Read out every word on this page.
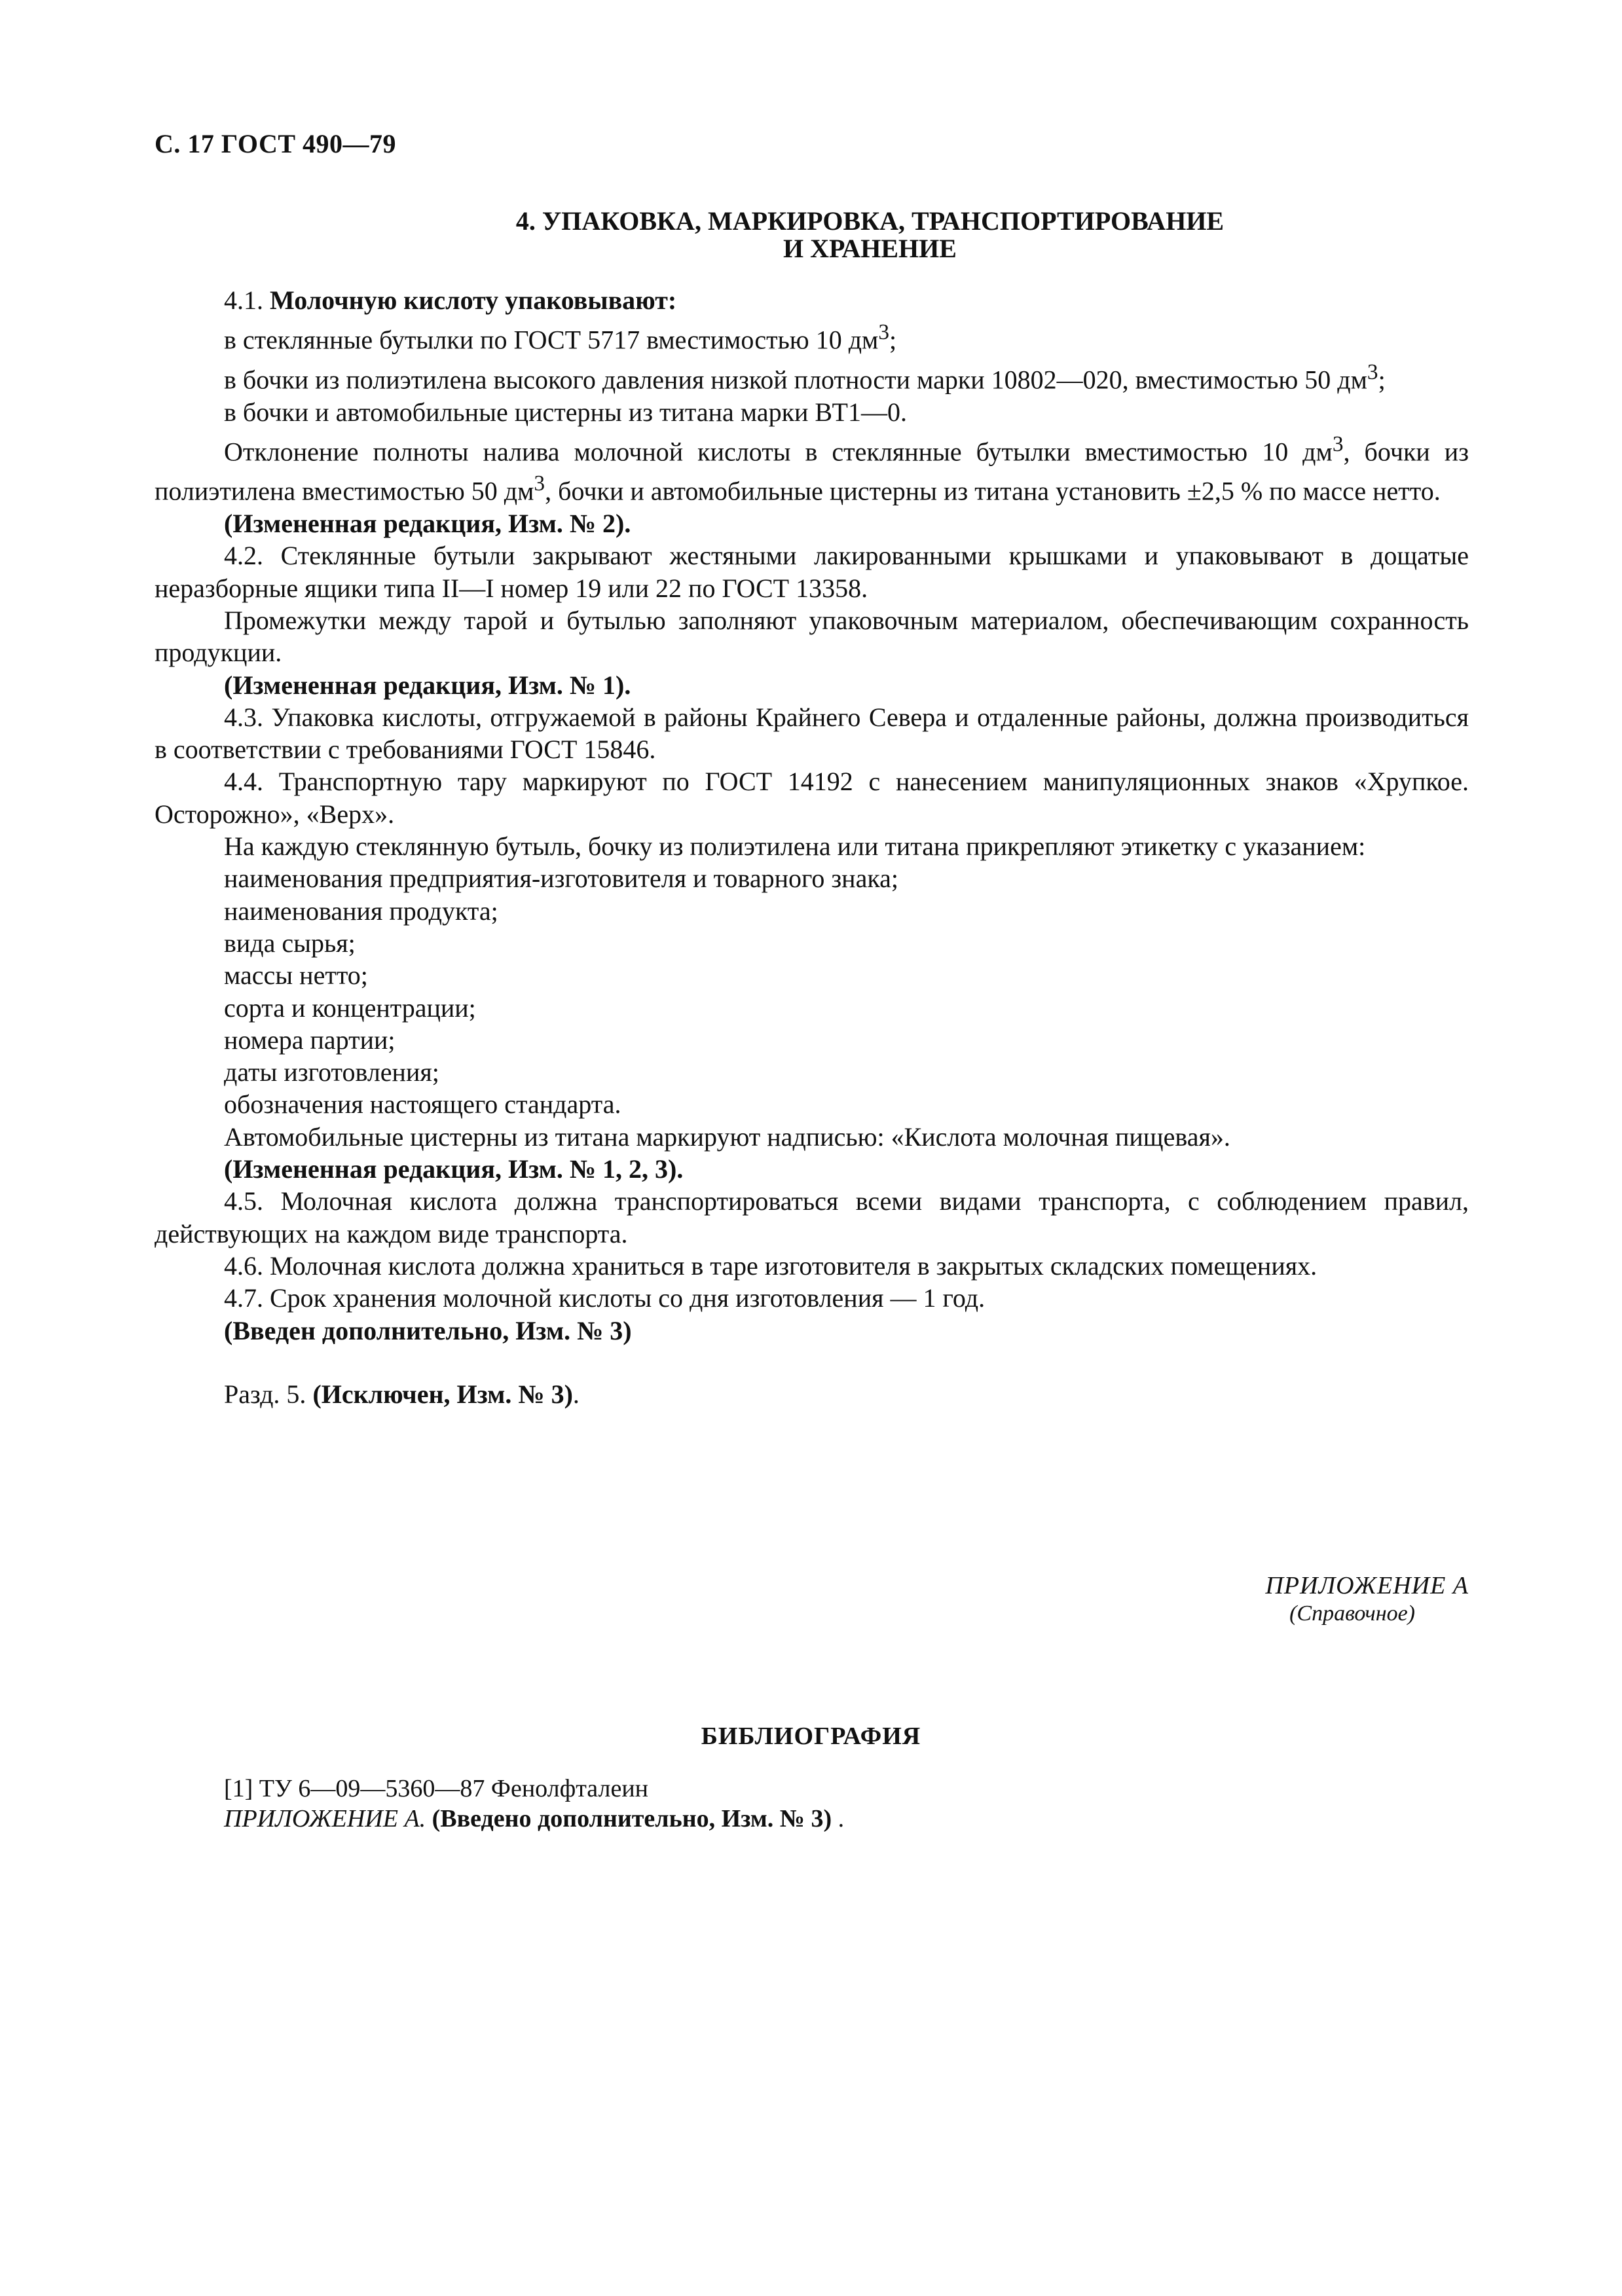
С. 17 ГОСТ 490—79
4. УПАКОВКА, МАРКИРОВКА, ТРАНСПОРТИРОВАНИЕ
И ХРАНЕНИЕ

4.1. Молочную кислоту упаковывают:

в стеклянные бутылки по ГОСТ 5717 вместимостью 10 $дм^3$;

в бочки из полиэтилена высокого давления низкой плотности марки 10802—020, вместимостью 50 $дм^3$;

в бочки и автомобильные цистерны из титана марки ВТ1—0.

Отклонение полноты налива молочной кислоты в стеклянные бутылки вместимостью 10 $дм^3$, бочки из полиэтилена вместимостью 50 $дм^3$, бочки и автомобильные цистерны из титана установить ±2,5 % по массе нетто.

(Измененная редакция, Изм. № 2).

4.2. Стеклянные бутыли закрывают жестяными лакированными крышками и упаковывают в дощатые неразборные ящики типа II—I номер 19 или 22 по ГОСТ 13358.

Промежутки между тарой и бутылью заполняют упаковочным материалом, обеспечивающим сохранность продукции.

(Измененная редакция, Изм. № 1).

4.3. Упаковка кислоты, отгружаемой в районы Крайнего Севера и отдаленные районы, должна производиться в соответствии с требованиями ГОСТ 15846.

4.4. Транспортную тару маркируют по ГОСТ 14192 с нанесением манипуляционных знаков «Хрупкое. Осторожно», «Верх».

На каждую стеклянную бутыль, бочку из полиэтилена или титана прикрепляют этикетку с указанием:

наименования предприятия-изготовителя и товарного знака;

наименования продукта;

вида сырья;

массы нетто;

сорта и концентрации;

номера партии;

даты изготовления;

обозначения настоящего стандарта.

Автомобильные цистерны из титана маркируют надписью: «Кислота молочная пищевая».

(Измененная редакция, Изм. № 1, 2, 3).

4.5. Молочная кислота должна транспортироваться всеми видами транспорта, с соблюдением правил, действующих на каждом виде транспорта.

4.6. Молочная кислота должна храниться в таре изготовителя в закрытых складских помещениях.

4.7. Срок хранения молочной кислоты со дня изготовления — 1 год.

(Введен дополнительно, Изм. № 3)

Разд. 5. (Исключен, Изм. № 3).

ПРИЛОЖЕНИЕ А
(Справочное)
БИБЛИОГРАФИЯ
[1] ТУ 6—09—5360—87 Фенолфталеин
ПРИЛОЖЕНИЕ А. (Введено дополнительно, Изм. № 3) .
